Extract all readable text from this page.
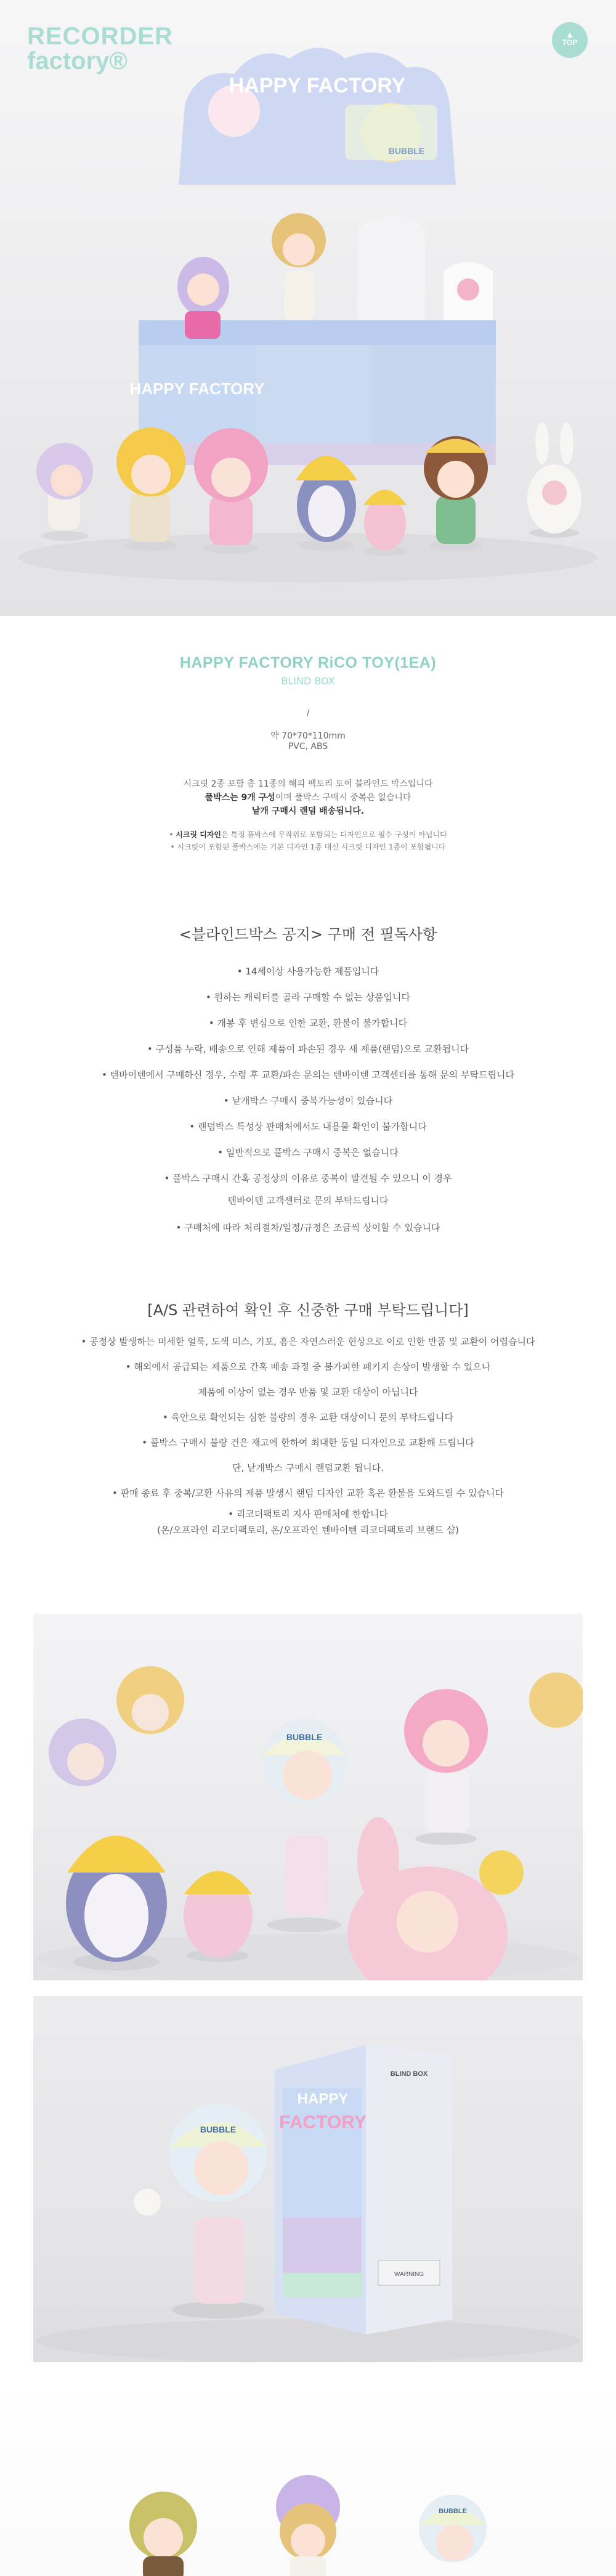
HAPPY FACTORY
BUBBLE
HAPPY FACTORY
RECORDER
factory®
▲
TOP
HAPPY FACTORY RiCO TOY(1EA)
BLIND BOX
/
약 70*70*110mm
PVC, ABS
시크릿 2종 포함 총 11종의 해피 팩토리 토이 블라인드 박스입니다
풀박스는 9개 구성이며 풀박스 구매시 중복은 없습니다
낱개 구매시 랜덤 배송됩니다.
• 시크릿 디자인은 특정 풀박스에 무작위로 포함되는 디자인으로 필수 구성이 아닙니다
• 시크릿이 포함된 풀박스에는 기본 디자인 1종 대신 시크릿 디자인 1종이 포함됩니다
<블라인드박스 공지> 구매 전 필독사항
• 14세이상 사용가능한 제품입니다
• 원하는 캐릭터를 골라 구매할 수 없는 상품입니다
• 개봉 후 변심으로 인한 교환, 환불이 불가합니다
• 구성품 누락, 배송으로 인해 제품이 파손된 경우 새 제품(랜덤)으로 교환됩니다
• 텐바이텐에서 구매하신 경우, 수령 후 교환/파손 문의는 텐바이텐 고객센터를 통해 문의 부탁드립니다
• 낱개박스 구매시 중복가능성이 있습니다
• 랜덤박스 특성상 판매처에서도 내용물 확인이 불가합니다
• 일반적으로 풀박스 구매시 중복은 없습니다
• 풀박스 구매시 간혹 공정상의 이유로 중복이 발견될 수 있으니 이 경우
텐바이텐 고객센터로 문의 부탁드립니다
• 구매처에 따라 처리절차/일정/규정은 조금씩 상이할 수 있습니다
[A/S 관련하여 확인 후 신중한 구매 부탁드립니다]
• 공정상 발생하는 미세한 얼룩, 도색 미스, 기포, 흠은 자연스러운 현상으로 이로 인한 반품 및 교환이 어렵습니다
• 해외에서 공급되는 제품으로 간혹 배송 과정 중 불가피한 패키지 손상이 발생할 수 있으나
제품에 이상이 없는 경우 반품 및 교환 대상이 아닙니다
• 육안으로 확인되는 심한 불량의 경우 교환 대상이니 문의 부탁드립니다
• 풀박스 구매시 불량 건은 재고에 한하여 최대한 동일 디자인으로 교환해 드립니다
단, 낱개박스 구매시 랜덤교환 됩니다.
• 판매 종료 후 중복/교환 사유의 제품 발생시 랜덤 디자인 교환 혹은 환불을 도와드릴 수 있습니다
• 리코더팩토리 지사 판매처에 한합니다
(온/오프라인 리코더팩토리, 온/오프라인 텐바이텐 리코더팩토리 브랜드 샵)
BUBBLE
BUBBLE
HAPPY
FACTORY
BLIND BOX
WARNING
BUBBLE
